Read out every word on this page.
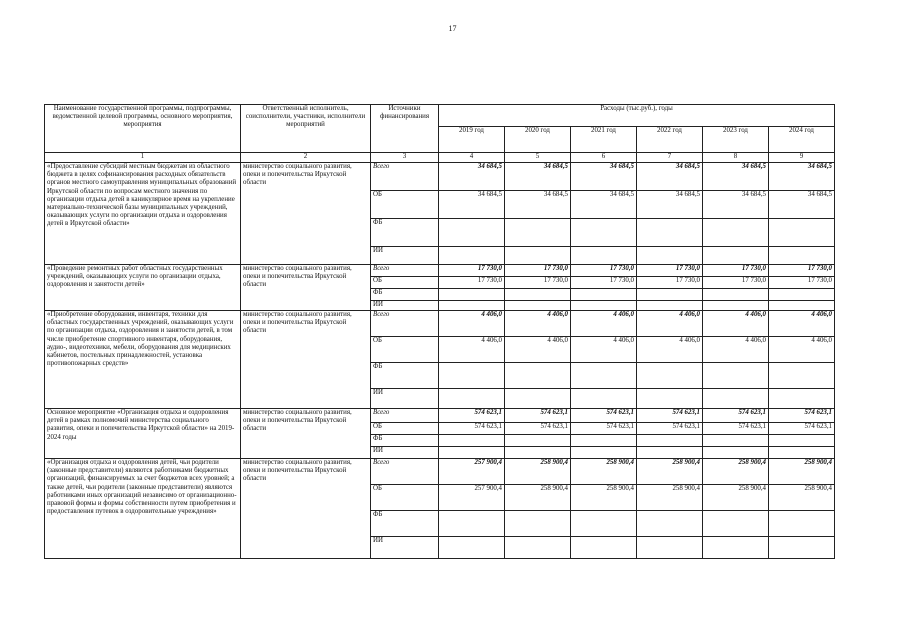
17
Наименование государственной программы, подпрограммы, ведомственной целевой программы, основного мероприятия, мероприятия	Ответственный исполнитель, соисполнители, участники, исполнители мероприятий	Источники финансирования	Расходы (тыс.руб.), годы					
			2019 год	2020 год	2021 год	2022 год	2023 год	2024 год
1	2	3	4	5	6	7	8	9
«Предоставление субсидий местным бюджетам из областного бюджета в целях софинансирования расходных обязательств органов местного самоуправления муниципальных образований Иркутской области по вопросам местного значения по организации отдыха детей в каникулярное время на укрепление материально-технической базы муниципальных учреждений, оказывающих услуги по организации отдыха и оздоровления детей в Иркутской области»	министерство социального развития, опеки и попечительства Иркутской области	Всего	34 684,5	34 684,5	34 684,5	34 684,5	34 684,5	34 684,5
		ОБ	34 684,5	34 684,5	34 684,5	34 684,5	34 684,5	34 684,5
		ФБ						
		ИИ						
«Проведение ремонтных работ областных государственных учреждений, оказывающих услуги по организации отдыха, оздоровления и занятости детей»	министерство социального развития, опеки и попечительства Иркутской области	Всего	17 730,0	17 730,0	17 730,0	17 730,0	17 730,0	17 730,0
		ОБ	17 730,0	17 730,0	17 730,0	17 730,0	17 730,0	17 730,0
		ФБ						
		ИИ						
«Приобретение оборудования, инвентаря, техники для областных государственных учреждений, оказывающих услуги по организации отдыха, оздоровления и занятости детей, в том числе приобретение спортивного инвентаря, оборудования, аудио-, видеотехники, мебели, оборудования для медицинских кабинетов, постельных принадлежностей, установка противопожарных средств»	министерство социального развития, опеки и попечительства Иркутской области	Всего	4 406,0	4 406,0	4 406,0	4 406,0	4 406,0	4 406,0
		ОБ	4 406,0	4 406,0	4 406,0	4 406,0	4 406,0	4 406,0
		ФБ						
		ИИ						
Основное мероприятие «Организация отдыха и оздоровления детей в рамках полномочий министерства социального развития, опеки и попечительства Иркутской области» на 2019-2024 годы	министерство социального развития, опеки и попечительства Иркутской области	Всего	574 623,1	574 623,1	574 623,1	574 623,1	574 623,1	574 623,1
		ОБ	574 623,1	574 623,1	574 623,1	574 623,1	574 623,1	574 623,1
		ФБ						
		ИИ						
«Организация отдыха и оздоровления детей, чьи родители (законные представители) являются работниками бюджетных организаций, финансируемых за счет бюджетов всех уровней; а также детей, чьи родители (законные представители) являются работниками иных организаций независимо от организационно-правовой формы и формы собственности путем приобретения и предоставления путевок в оздоровительные учреждения»	министерство социального развития, опеки и попечительства Иркутской области	Всего	257 900,4	258 900,4	258 900,4	258 900,4	258 900,4	258 900,4
		ОБ	257 900,4	258 900,4	258 900,4	258 900,4	258 900,4	258 900,4
		ФБ						
		ИИ						
